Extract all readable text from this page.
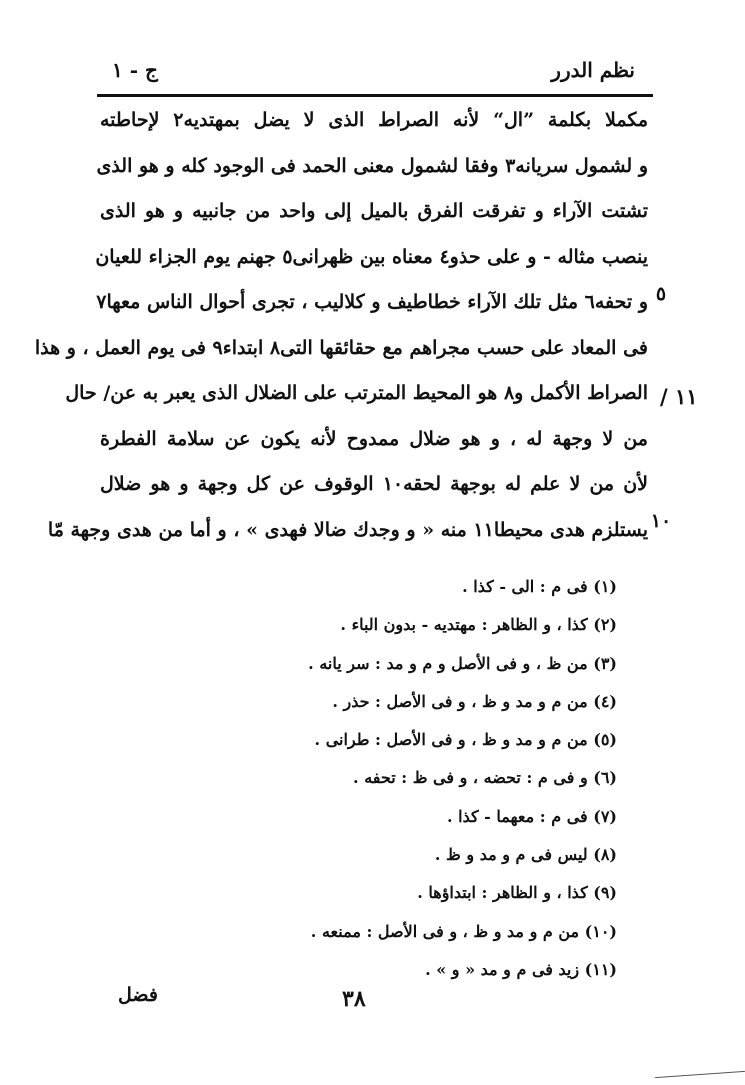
نظم الدرر
ج - ١
١١ /
٥
١٠
مكملا بكلمة ”ال“ لأنه الصراط الذى لا يضل بمهتديه٢ لإحاطته
و لشمول سريانه٣ وفقا لشمول معنى الحمد فى الوجود كله و هو الذى
تشتت الآراء و تفرقت الفرق بالميل إلى واحد من جانبيه و هو الذى
ينصب مثاله - و على حذو٤ معناه بين ظهرانى٥ جهنم يوم الجزاء للعيان
و تحفه٦ مثل تلك الآراء خطاطيف و كلاليب ، تجرى أحوال الناس معها٧
فى المعاد على حسب مجراهم مع حقائقها التى٨ ابتداء٩ فى يوم العمل ، و هذا
الصراط الأكمل و٨ هو المحيط المترتب على الضلال الذى يعبر به عن/ حال
من لا وجهة له ، و هو ضلال ممدوح لأنه يكون عن سلامة الفطرة
لأن من لا علم له بوجهة لحقه١٠ الوقوف عن كل وجهة و هو ضلال
يستلزم هدى محيطا١١ منه « و وجدك ضالا فهدى » ، و أما من هدى وجهة مّا
(١) فى م : الى - كذا .
(٢) كذا ، و الظاهر : مهتديه - بدون الباء .
(٣) من ظ ، و فى الأصل و م و مد : سر يانه .
(٤) من م و مد و ظ ، و فى الأصل : حذر .
(٥) من م و مد و ظ ، و فى الأصل : طرانى .
(٦) و فى م : تحضه ، و فى ظ : تحفه .
(٧) فى م : معهما - كذا .
(٨) ليس فى م و مد و ظ .
(٩) كذا ، و الظاهر : ابتداؤها .
(١٠) من م و مد و ظ ، و فى الأصل : ممنعه .
(١١) زيد فى م و مد « و » .
٣٨
فضل
